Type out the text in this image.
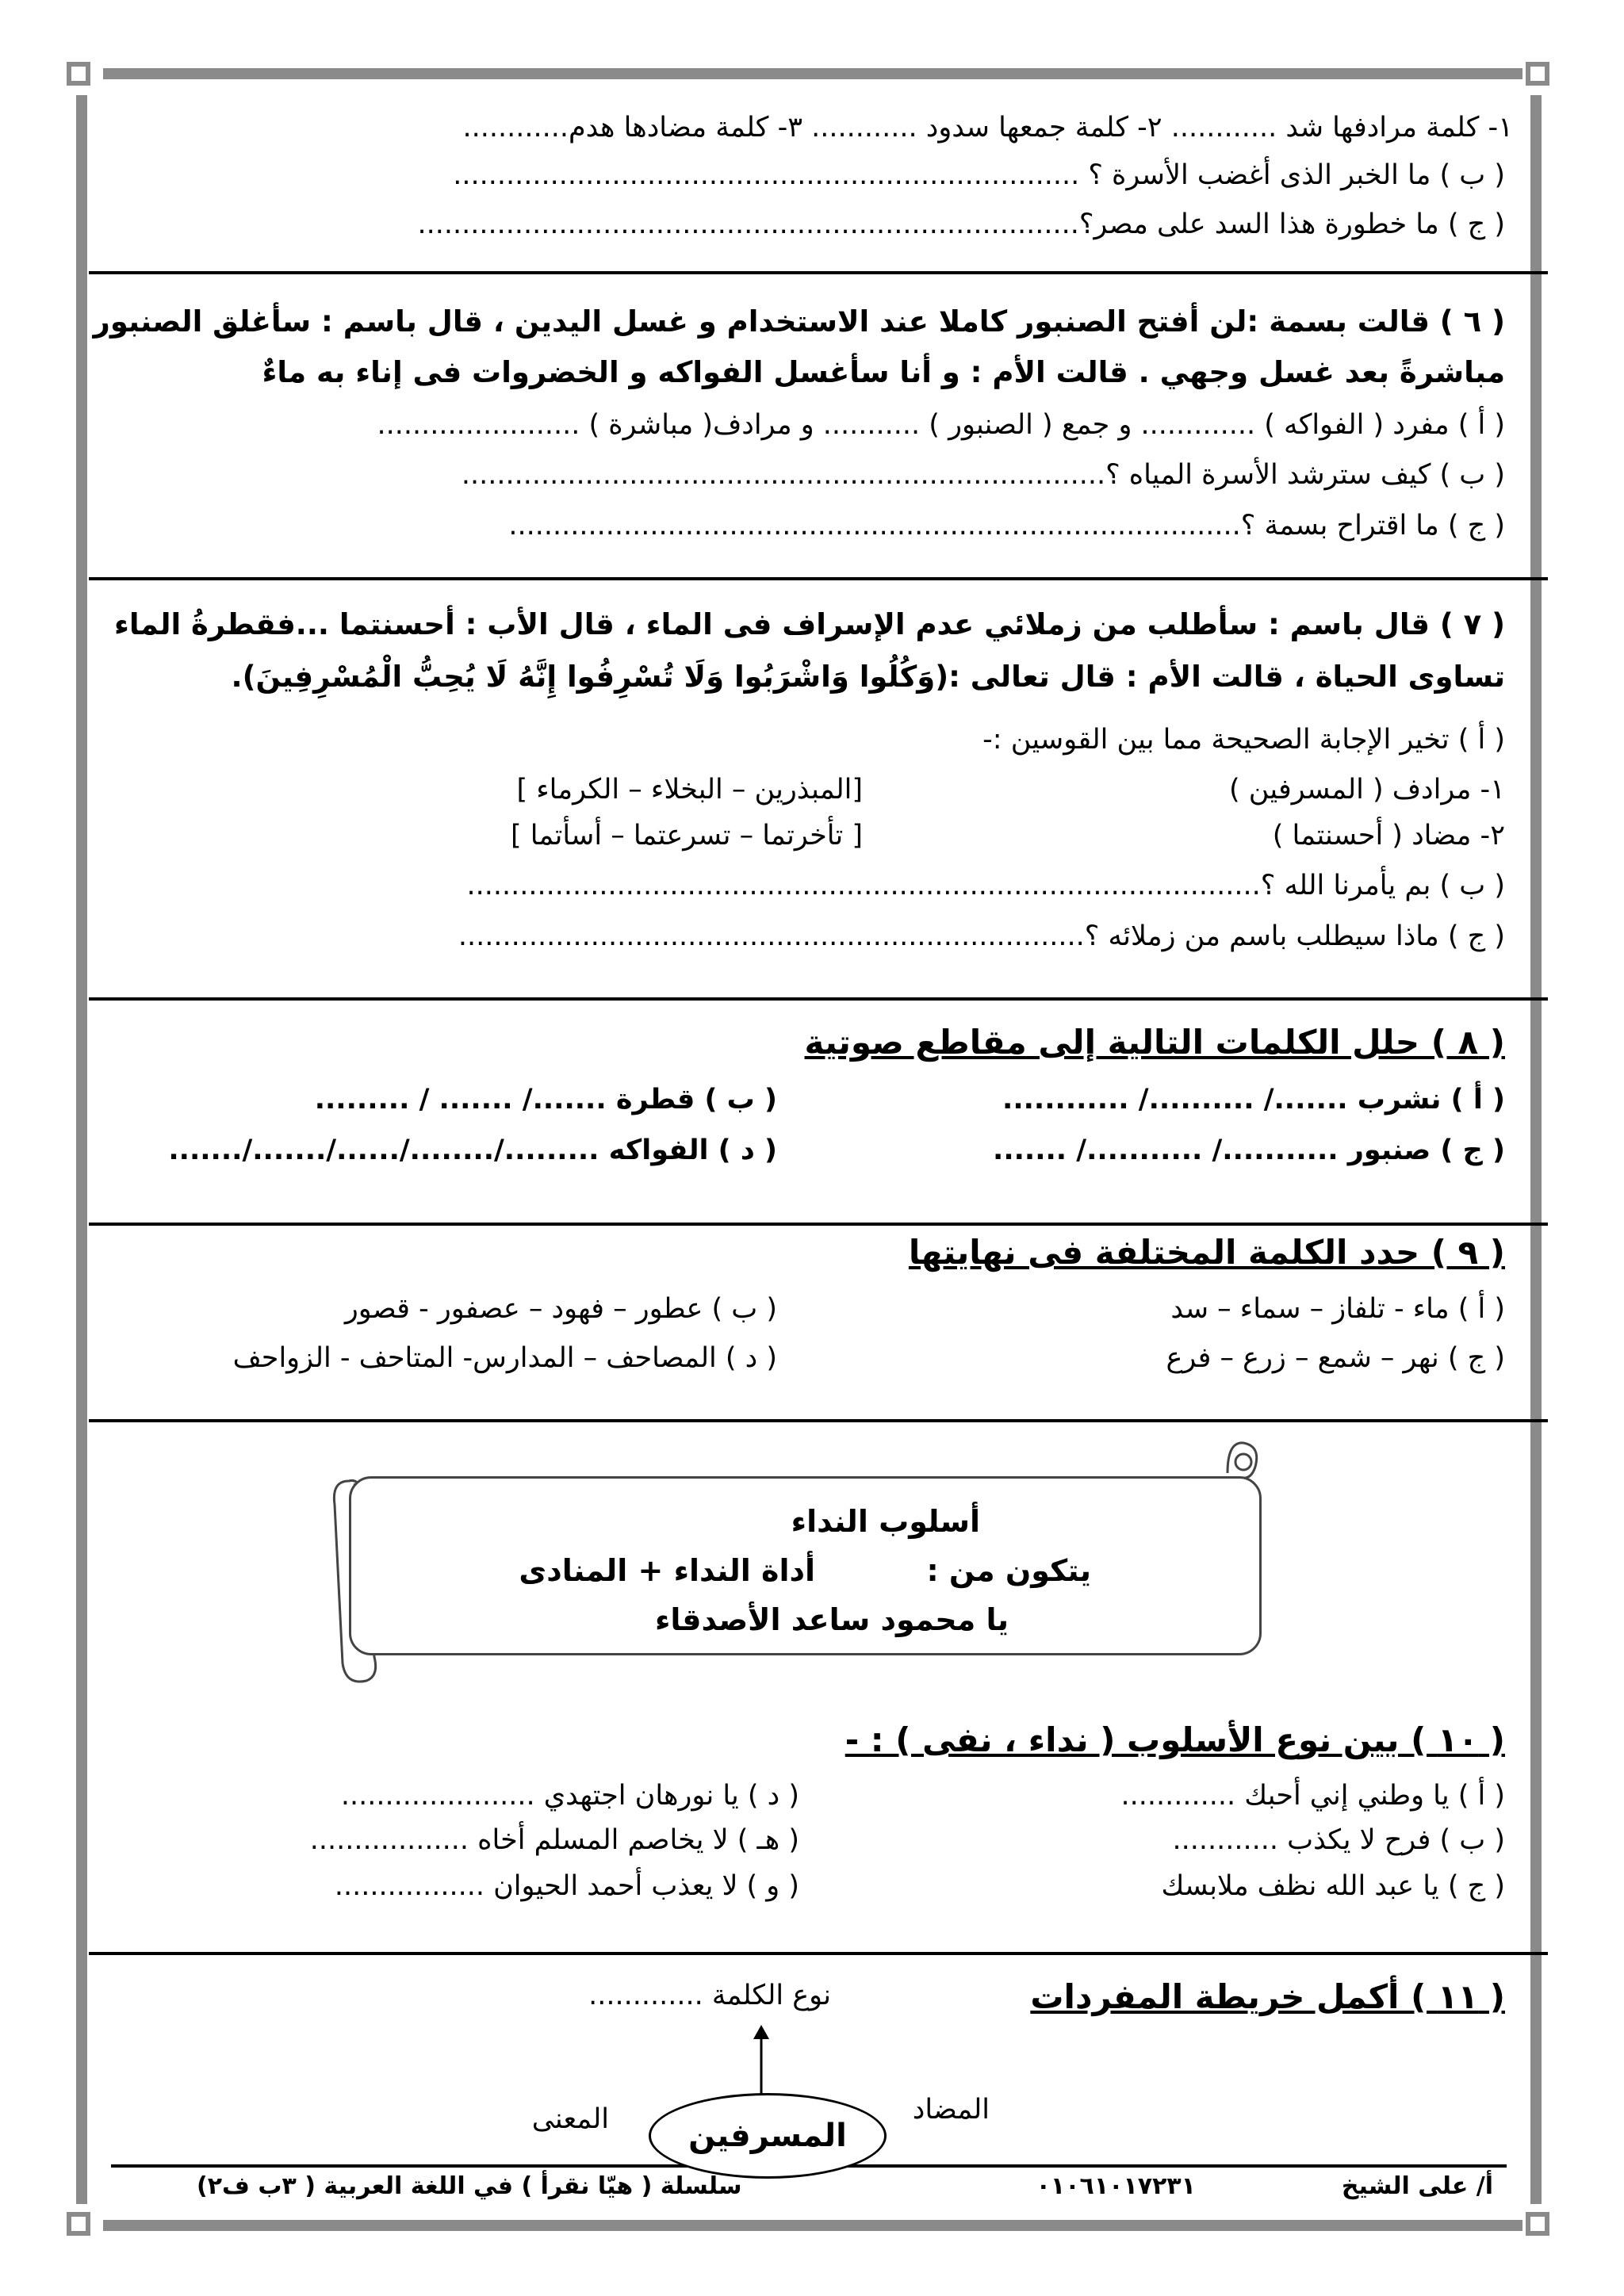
١- كلمة مرادفها شد ............ ٢- كلمة جمعها سدود ............ ٣- كلمة مضادها هدم............
( ب ) ما الخبر الذى أغضب الأسرة ؟ .......................................................................
( ج ) ما خطورة هذا السد على مصر؟...........................................................................
( ٦ ) قالت بسمة :لن أفتح الصنبور كاملا عند الاستخدام و غسل اليدين ، قال باسم : سأغلق الصنبور
مباشرةً بعد غسل وجهي . قالت الأم : و أنا سأغسل الفواكه و الخضروات فى إناء به ماءٌ
( أ ) مفرد ( الفواكه ) ............. و جمع ( الصنبور ) ........... و مرادف( مباشرة ) .......................
( ب ) كيف سترشد الأسرة المياه ؟.........................................................................
( ج ) ما اقتراح بسمة ؟...................................................................................
( ٧ ) قال باسم : سأطلب من زملائي عدم الإسراف فى الماء ، قال الأب : أحسنتما ...فقطرةُ الماء
تساوى الحياة ، قالت الأم : قال تعالى :(وَكُلُوا وَاشْرَبُوا وَلَا تُسْرِفُوا إِنَّهُ لَا يُحِبُّ الْمُسْرِفِينَ).
( أ ) تخير الإجابة الصحيحة مما بين القوسين :-
١- مرادف ( المسرفين )
[المبذرين – البخلاء – الكرماء ]
٢- مضاد ( أحسنتما )
[ تأخرتما – تسرعتما – أسأتما ]
( ب ) بم يأمرنا الله ؟..........................................................................................
( ج ) ماذا سيطلب باسم من زملائه ؟.......................................................................
( ٨ ) حلل الكلمات التالية إلى مقاطع صوتية
( أ ) نشرب ......./ ........../ ............
( ب ) قطرة ......./ ....... / .........
( ج ) صنبور .........../ .........../ .......
( د ) الفواكه ........./......../....../......./.......
( ٩ ) حدد الكلمة المختلفة فى نهايتها
( أ ) ماء - تلفاز – سماء – سد
( ب ) عطور – فهود – عصفور - قصور
( ج ) نهر – شمع – زرع – فرع
( د ) المصاحف – المدارس- المتاحف - الزواحف
أسلوب النداء
يتكون من :
أداة النداء + المنادى
يا محمود ساعد الأصدقاء
( ١٠ ) بين نوع الأسلوب ( نداء ، نفى ) : -
( أ ) يا وطني إني أحبك .............
( د ) يا نورهان اجتهدي ......................
( ب ) فرح لا يكذب ............
( هـ ) لا يخاصم المسلم أخاه ..................
( ج ) يا عبد الله نظف ملابسك
( و ) لا يعذب أحمد الحيوان .................
( ١١ ) أكمل خريطة المفردات
نوع الكلمة .............
المضاد
المعنى
أ/ على الشيخ
٠١٠٦١٠١٧٢٣١
سلسلة ( هيّا نقرأ ) في اللغة العربية ( ٣ب ف٢)
المسرفين
